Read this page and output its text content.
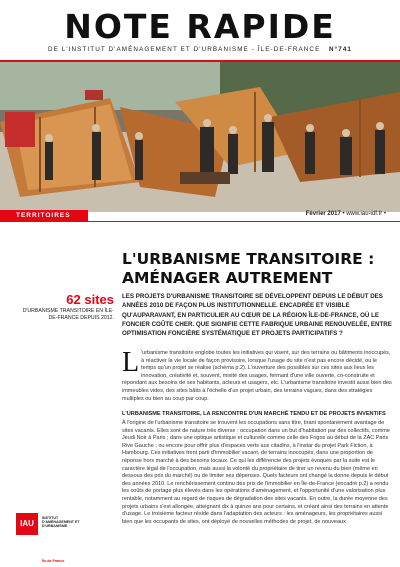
NOTE RAPIDE
DE L'INSTITUT D'AMÉNAGEMENT ET D'URBANISME - ÎLE-DE-FRANCE N°741
TERRITOIRES	Février 2017 • www.iau-idf.fr •
L'URBANISME TRANSITOIRE :
AMÉNAGER AUTREMENT
62 sites
D'URBANISME TRANSITOIRE EN ÎLE-DE-FRANCE DEPUIS 2012.
LES PROJETS D'URBANISME TRANSITOIRE SE DÉVELOPPENT DEPUIS LE DÉBUT DES ANNÉES 2010 DE FAÇON PLUS INSTITUTIONNELLE. ENCADRÉE ET VISIBLE QU'AUPARAVANT, EN PARTICULIER AU CŒUR DE LA RÉGION ÎLE-DE-FRANCE, OÙ LE FONCIER COÛTE CHER. QUE SIGNIFIE CETTE FABRIQUE URBAINE RENOUVELÉE, ENTRE OPTIMISATION FONCIÈRE SYSTÉMATIQUE ET PROJETS PARTICIPATIFS ?

L 'urbanisme transitoire englobe toutes les initiatives qui visent, sur des terrains ou bâtiments inoccupés, à réactiver la vie locale de façon provisoire, lorsque l'usage du site n'est pas encore décidé, ou le temps qu'un projet se réalise (schéma p.2). L'ouverture des possibles sur ces sites aux lieux les innovation, créativité et, souvent, mixité des usages, fermant d'une ville ouverte, co-construite et répondant aux besoins de ses habitants, acteurs et usagers, etc. L'urbanisme transitoire investit aussi bien des immeubles vides, des sites bâtis à l'échelle d'un projet urbain, des terrains vagues, dans des stratégies multiples ou bien au coup par coup.

L'URBANISME TRANSITOIRE, LA RENCONTRE D'UN MARCHÉ TENDU ET DE PROJETS INVENTIFS

À l'origine de l'urbanisme transitoire se trouvent les occupations sans titre, tirant spontanément avantage de sites vacants. Elles sont de nature très diverse : occupation dans un but d'habitation par des collectifs, comme Jeudi Noir à Paris ; dans une optique artistique et culturelle comme celle des Frigos au début de la ZAC Paris Rive Gauche ; ou encore pour offrir plus d'espaces verts aux citadins, à l'instar du projet Park Fiction, à Hambourg. Ces initiatives trent parti d'immobilier vacant, de terrains inoccupés, dans une proportion de réponse hors marché à des besoins locaux. Ce qui les différencie des projets évoqués par la suite est le caractère légal de l'occupation, mais aussi la volonté du propriétaire de tirer un revenu du bien (même en dessous des prix du marché) ou de limiter ses dépenses. Quels facteurs ont changé la donne depuis le début des années 2010. Le renchérissement continu des prix de l'immobilier en Île-de-France (encadré p.2) a rendu les coûts de portage plus élevés dans les opérations d'aménagement, et l'opportunité d'une valorisation plus rentable, notamment au regard de risques de dégradation des sites vacants. En outre, la durée moyenne des projets urbains s'est allongée, atteignant dix à quinze ans pour certains, et créant ainsi des terrains en attente d'usage. Le troisième facteur réside dans l'adaptation des acteurs : les aménageurs, les propriétaires aussi bien que les occupants de sites, ont déployé de nouvelles méthodes de projet, de nouveaux

IAU
INSTITUT D'AMÉNAGEMENT ET D'URBANISME
Île-de-France
